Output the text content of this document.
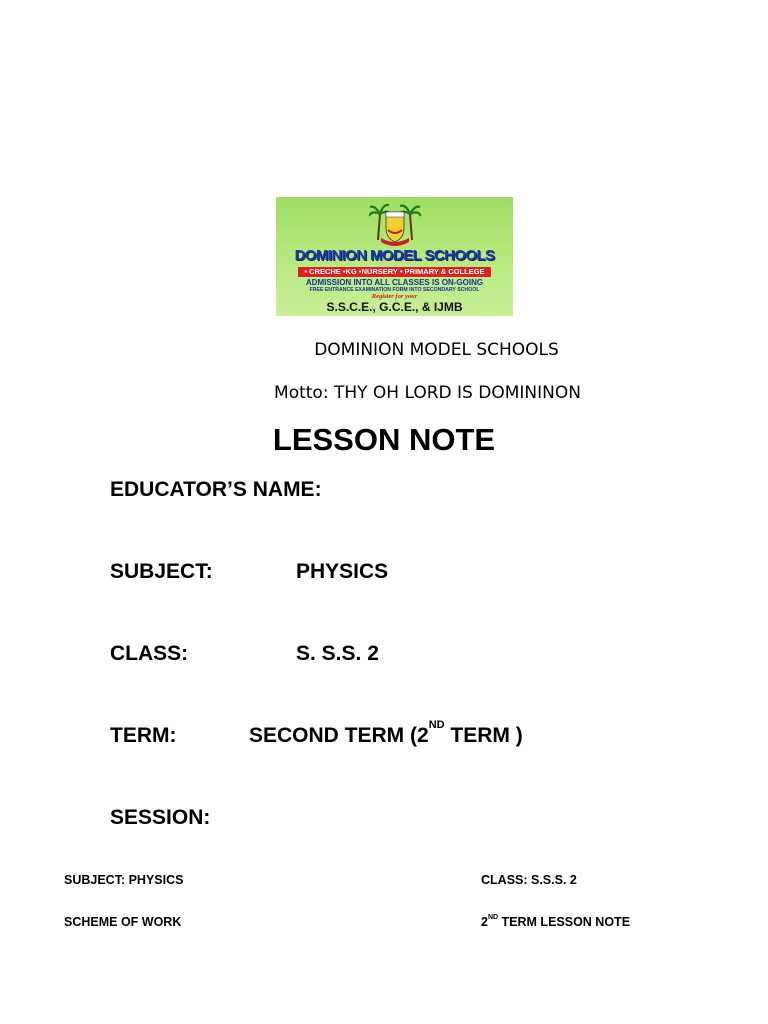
DOMINION MODEL SCHOOLS
• CRECHE •KG •NURSERY • PRIMARY & COLLEGE
ADMISSION INTO ALL CLASSES IS ON-GOING
FREE ENTRANCE EXAMINATION FORM INTO SECONDARY SCHOOL
Register for your
S.S.C.E., G.C.E., & IJMB
DOMINION MODEL SCHOOLS
Motto: THY OH LORD IS DOMININON
LESSON NOTE
EDUCATOR’S NAME:
SUBJECT:	PHYSICS
CLASS:	S. S.S. 2
TERM:	SECOND TERM (2ND TERM )
SESSION:
SUBJECT: PHYSICS	CLASS: S.S.S. 2
SCHEME OF WORK	2ND TERM LESSON NOTE
